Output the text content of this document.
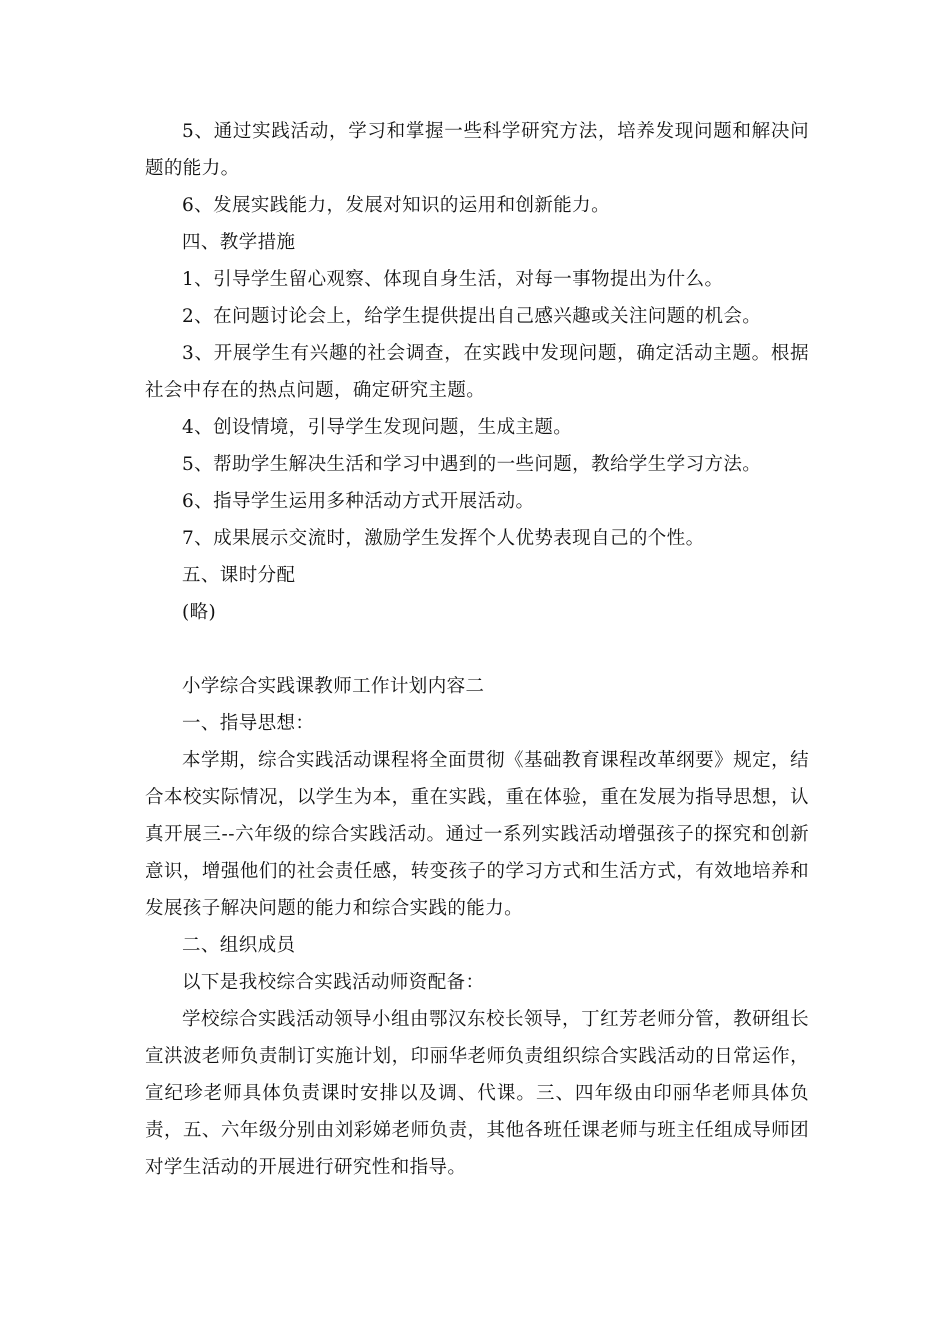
5、通过实践活动，学习和掌握一些科学研究方法，培养发现问题和解决问题的能力。

6、发展实践能力，发展对知识的运用和创新能力。

四、教学措施

1、引导学生留心观察、体现自身生活，对每一事物提出为什么。

2、在问题讨论会上，给学生提供提出自己感兴趣或关注问题的机会。

3、开展学生有兴趣的社会调查，在实践中发现问题，确定活动主题。根据社会中存在的热点问题，确定研究主题。

4、创设情境，引导学生发现问题，生成主题。

5、帮助学生解决生活和学习中遇到的一些问题，教给学生学习方法。

6、指导学生运用多种活动方式开展活动。

7、成果展示交流时，激励学生发挥个人优势表现自己的个性。

五、课时分配

(略)

小学综合实践课教师工作计划内容二

一、指导思想：

本学期，综合实践活动课程将全面贯彻《基础教育课程改革纲要》规定，结合本校实际情况，以学生为本，重在实践，重在体验，重在发展为指导思想，认真开展三--六年级的综合实践活动。通过一系列实践活动增强孩子的探究和创新意识，增强他们的社会责任感，转变孩子的学习方式和生活方式，有效地培养和发展孩子解决问题的能力和综合实践的能力。

二、组织成员

以下是我校综合实践活动师资配备：

学校综合实践活动领导小组由鄂汉东校长领导，丁红芳老师分管，教研组长宣洪波老师负责制订实施计划，印丽华老师负责组织综合实践活动的日常运作，宣纪珍老师具体负责课时安排以及调、代课。三、四年级由印丽华老师具体负责，五、六年级分别由刘彩娣老师负责，其他各班任课老师与班主任组成导师团对学生活动的开展进行研究性和指导。
